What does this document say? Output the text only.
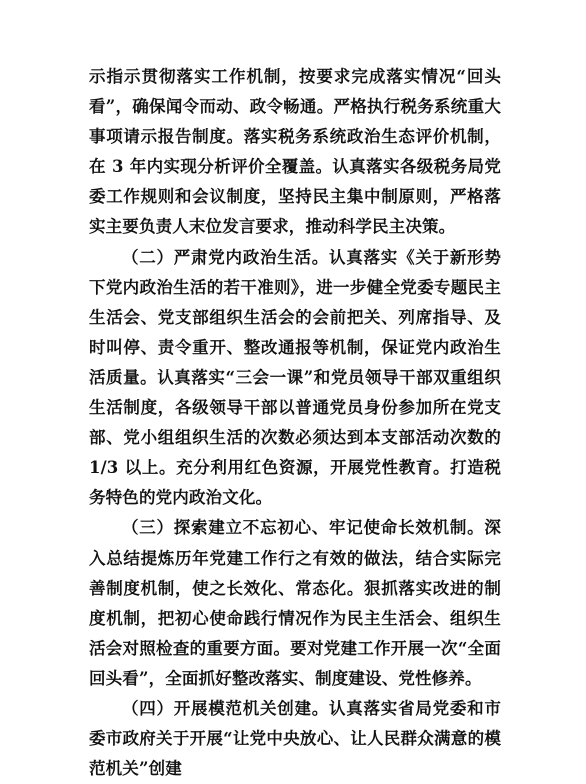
示指示贯彻落实工作机制，按要求完成落实情况“回头看”，确保闻令而动、政令畅通。严格执行税务系统重大事项请示报告制度。落实税务系统政治生态评价机制，在 3 年内实现分析评价全覆盖。认真落实各级税务局党委工作规则和会议制度，坚持民主集中制原则，严格落实主要负责人末位发言要求，推动科学民主决策。

（二）严肃党内政治生活。认真落实《关于新形势下党内政治生活的若干准则》，进一步健全党委专题民主生活会、党支部组织生活会的会前把关、列席指导、及时叫停、责令重开、整改通报等机制，保证党内政治生活质量。认真落实“三会一课”和党员领导干部双重组织生活制度，各级领导干部以普通党员身份参加所在党支部、党小组组织生活的次数必须达到本支部活动次数的 1/3 以上。充分利用红色资源，开展党性教育。打造税务特色的党内政治文化。

（三）探索建立不忘初心、牢记使命长效机制。深入总结提炼历年党建工作行之有效的做法，结合实际完善制度机制，使之长效化、常态化。狠抓落实改进的制度机制，把初心使命践行情况作为民主生活会、组织生活会对照检查的重要方面。要对党建工作开展一次“全面回头看”，全面抓好整改落实、制度建设、党性修养。

（四）开展模范机关创建。认真落实省局党委和市委市政府关于开展“让党中央放心、让人民群众满意的模范机关”创建
